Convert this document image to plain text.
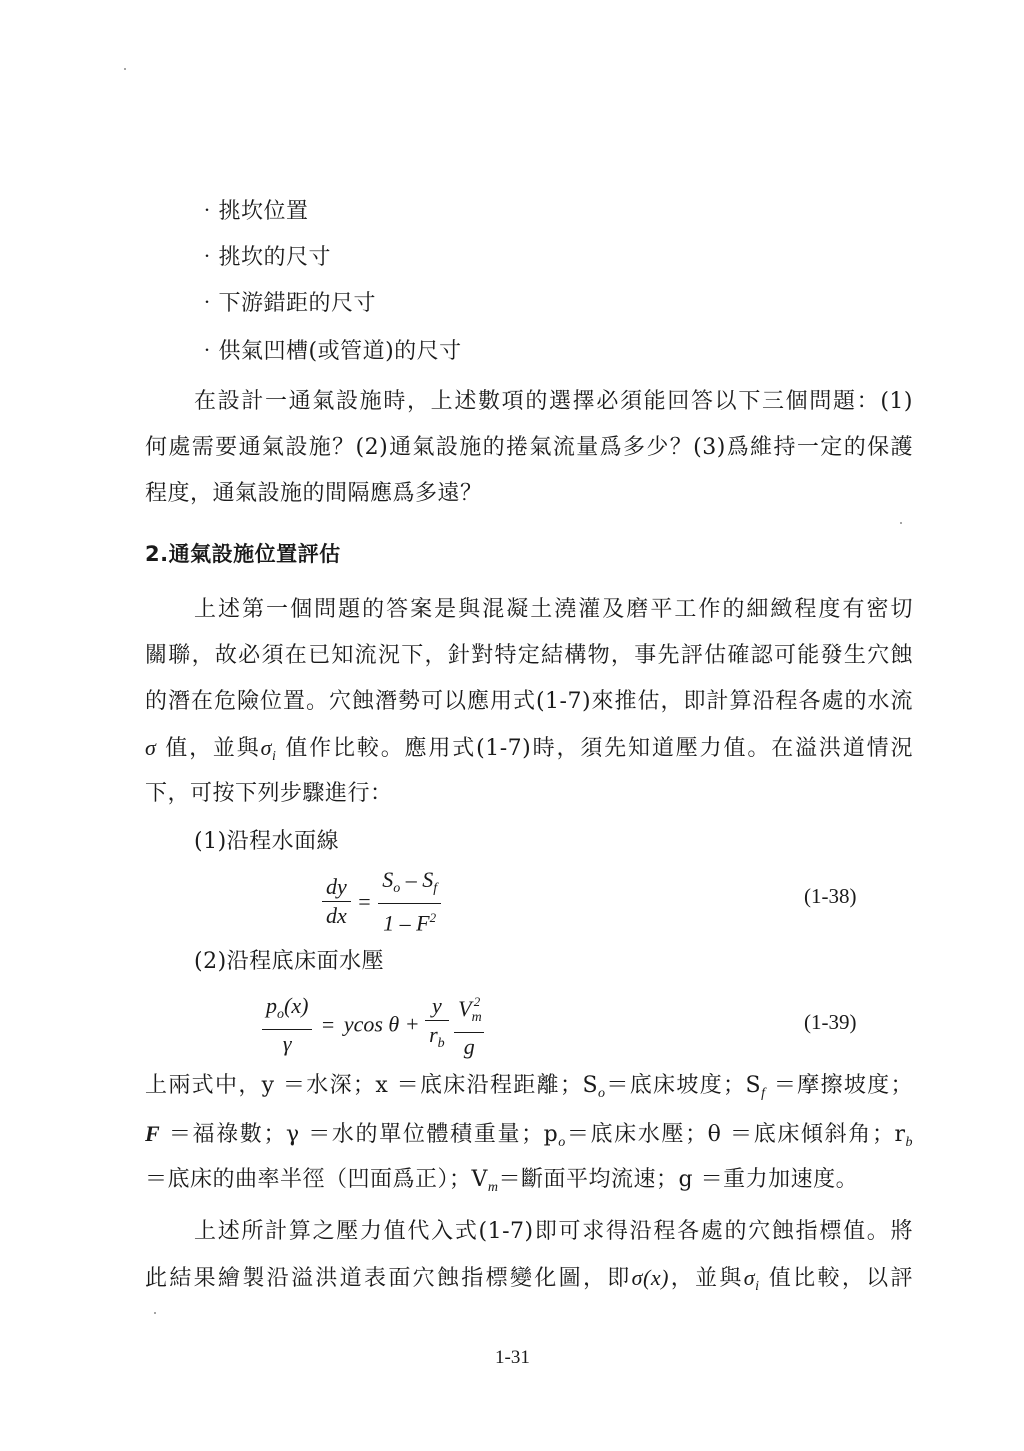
‧挑坎位置
‧挑坎的尺寸
‧下游錯距的尺寸
‧供氣凹槽(或管道)的尺寸
在設計一通氣設施時，上述數項的選擇必須能回答以下三個問題：(1)
何處需要通氣設施？(2)通氣設施的捲氣流量爲多少？(3)爲維持一定的保護
程度，通氣設施的間隔應爲多遠？
2.通氣設施位置評估
上述第一個問題的答案是與混凝土澆灌及磨平工作的細緻程度有密切
關聯，故必須在已知流況下，針對特定結構物，事先評估確認可能發生穴蝕
的潛在危險位置。穴蝕潛勢可以應用式(1-7)來推估，即計算沿程各處的水流
σ 值，並與$\sigma_i$ 值作比較。應用式(1-7)時，須先知道壓力值。在溢洪道情況
下，可按下列步驟進行：
(1)沿程水面線
$\frac{dy}{dx} = \frac{S_o - S_f}{1 - F^2}$	(1-38)
(2)沿程底床面水壓
$\frac{p_o(x)}{\gamma} = ycos$ $\theta + \frac{y}{r_b}$
$\frac{V_m^2}{g}$	(1-39)
上兩式中，y ＝水深；x ＝底床沿程距離；$S_o=$底床坡度；$S_f$ ＝摩擦坡度；
F ＝福祿數；γ ＝水的單位體積重量；$p_o=$底床水壓；θ ＝底床傾斜角；$r_b$
＝底床的曲率半徑（凹面爲正）；$V_m=$斷面平均流速；g ＝重力加速度。
上述所計算之壓力值代入式(1-7)即可求得沿程各處的穴蝕指標值。將
此結果繪製沿溢洪道表面穴蝕指標變化圖，即σ(x)，並與$\sigma_i$ 值比較，以評
1-31
